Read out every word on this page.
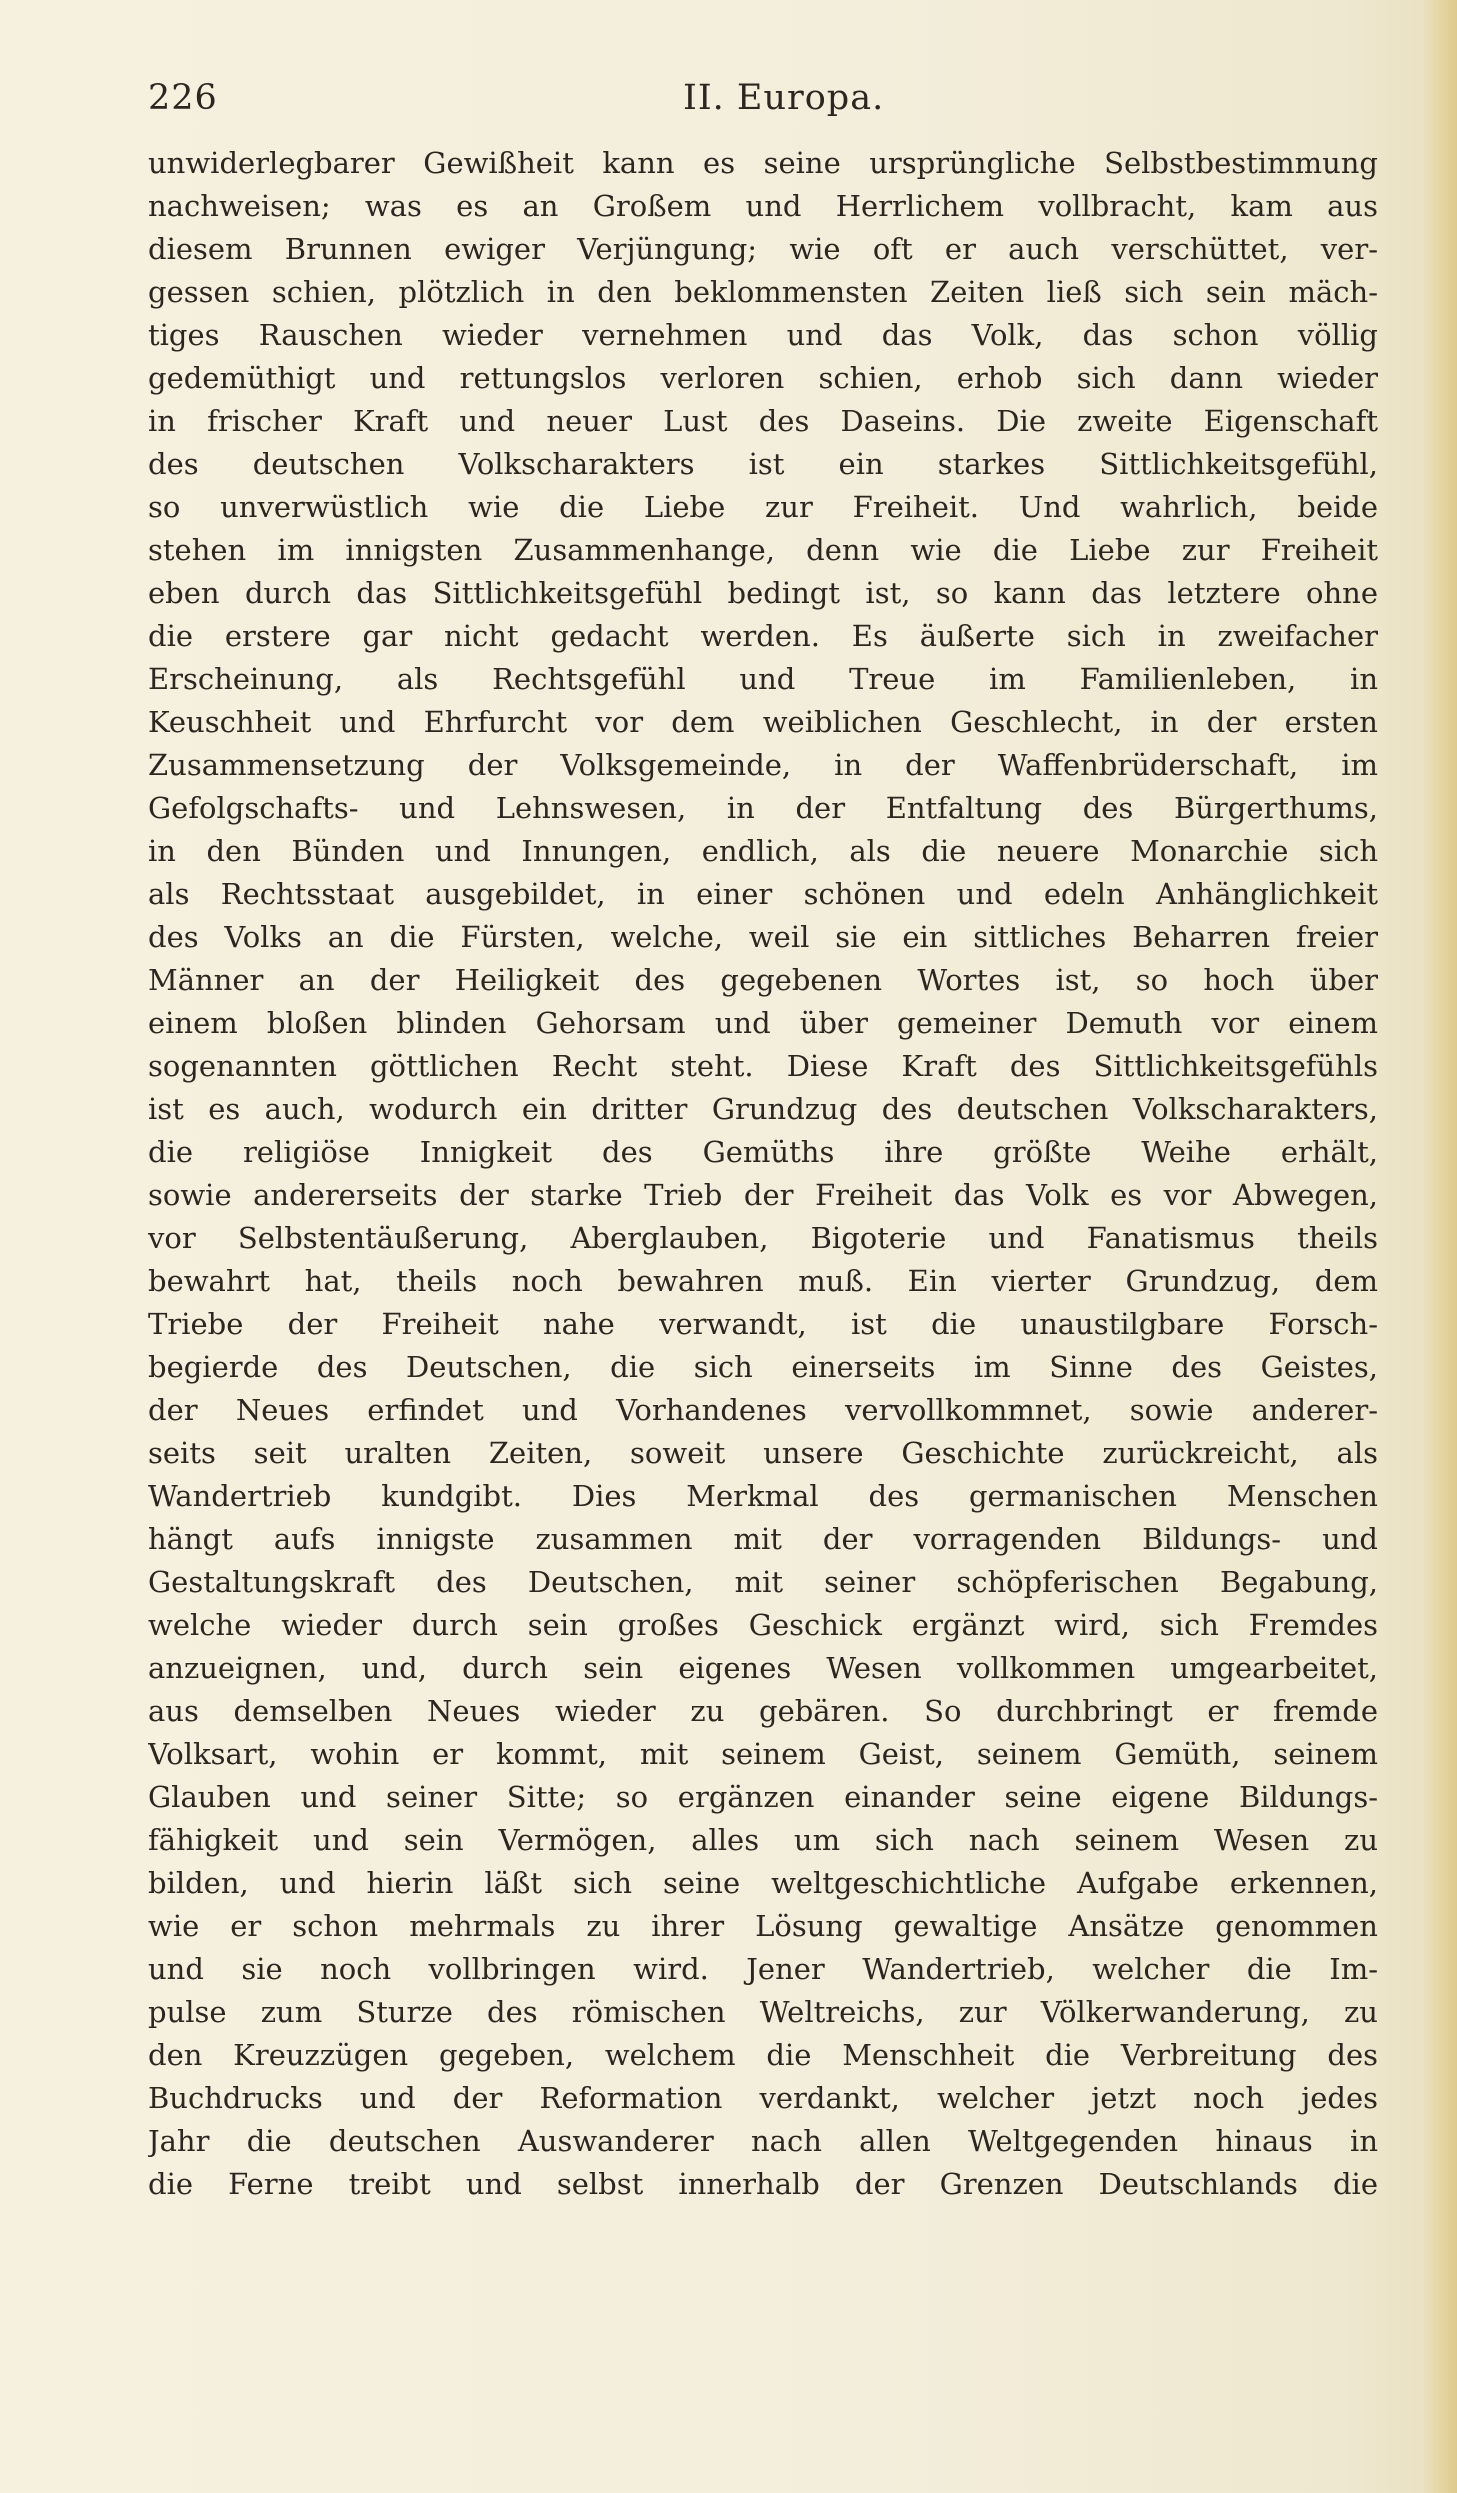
226	II. Europa.
unwiderlegbarer Gewißheit kann es seine ursprüngliche Selbstbestimmung
nachweisen; was es an Großem und Herrlichem vollbracht, kam aus
diesem Brunnen ewiger Verjüngung; wie oft er auch verschüttet, ver-
gessen schien, plötzlich in den beklommensten Zeiten ließ sich sein mäch-
tiges Rauschen wieder vernehmen und das Volk, das schon völlig
gedemüthigt und rettungslos verloren schien, erhob sich dann wieder
in frischer Kraft und neuer Lust des Daseins. Die zweite Eigenschaft
des deutschen Volkscharakters ist ein starkes Sittlichkeitsgefühl,
so unverwüstlich wie die Liebe zur Freiheit. Und wahrlich, beide
stehen im innigsten Zusammenhange, denn wie die Liebe zur Freiheit
eben durch das Sittlichkeitsgefühl bedingt ist, so kann das letztere ohne
die erstere gar nicht gedacht werden. Es äußerte sich in zweifacher
Erscheinung, als Rechtsgefühl und Treue im Familienleben, in
Keuschheit und Ehrfurcht vor dem weiblichen Geschlecht, in der ersten
Zusammensetzung der Volksgemeinde, in der Waffenbrüderschaft, im
Gefolgschafts- und Lehnswesen, in der Entfaltung des Bürgerthums,
in den Bünden und Innungen, endlich, als die neuere Monarchie sich
als Rechtsstaat ausgebildet, in einer schönen und edeln Anhänglichkeit
des Volks an die Fürsten, welche, weil sie ein sittliches Beharren freier
Männer an der Heiligkeit des gegebenen Wortes ist, so hoch über
einem bloßen blinden Gehorsam und über gemeiner Demuth vor einem
sogenannten göttlichen Recht steht. Diese Kraft des Sittlichkeitsgefühls
ist es auch, wodurch ein dritter Grundzug des deutschen Volkscharakters,
die religiöse Innigkeit des Gemüths ihre größte Weihe erhält,
sowie andererseits der starke Trieb der Freiheit das Volk es vor Abwegen,
vor Selbstentäußerung, Aberglauben, Bigoterie und Fanatismus theils
bewahrt hat, theils noch bewahren muß. Ein vierter Grundzug, dem
Triebe der Freiheit nahe verwandt, ist die unaustilgbare Forsch-
begierde des Deutschen, die sich einerseits im Sinne des Geistes,
der Neues erfindet und Vorhandenes vervollkommnet, sowie anderer-
seits seit uralten Zeiten, soweit unsere Geschichte zurückreicht, als
Wandertrieb kundgibt. Dies Merkmal des germanischen Menschen
hängt aufs innigste zusammen mit der vorragenden Bildungs- und
Gestaltungskraft des Deutschen, mit seiner schöpferischen Begabung,
welche wieder durch sein großes Geschick ergänzt wird, sich Fremdes
anzueignen, und, durch sein eigenes Wesen vollkommen umgearbeitet,
aus demselben Neues wieder zu gebären. So durchbringt er fremde
Volksart, wohin er kommt, mit seinem Geist, seinem Gemüth, seinem
Glauben und seiner Sitte; so ergänzen einander seine eigene Bildungs-
fähigkeit und sein Vermögen, alles um sich nach seinem Wesen zu
bilden, und hierin läßt sich seine weltgeschichtliche Aufgabe erkennen,
wie er schon mehrmals zu ihrer Lösung gewaltige Ansätze genommen
und sie noch vollbringen wird. Jener Wandertrieb, welcher die Im-
pulse zum Sturze des römischen Weltreichs, zur Völkerwanderung, zu
den Kreuzzügen gegeben, welchem die Menschheit die Verbreitung des
Buchdrucks und der Reformation verdankt, welcher jetzt noch jedes
Jahr die deutschen Auswanderer nach allen Weltgegenden hinaus in
die Ferne treibt und selbst innerhalb der Grenzen Deutschlands die
